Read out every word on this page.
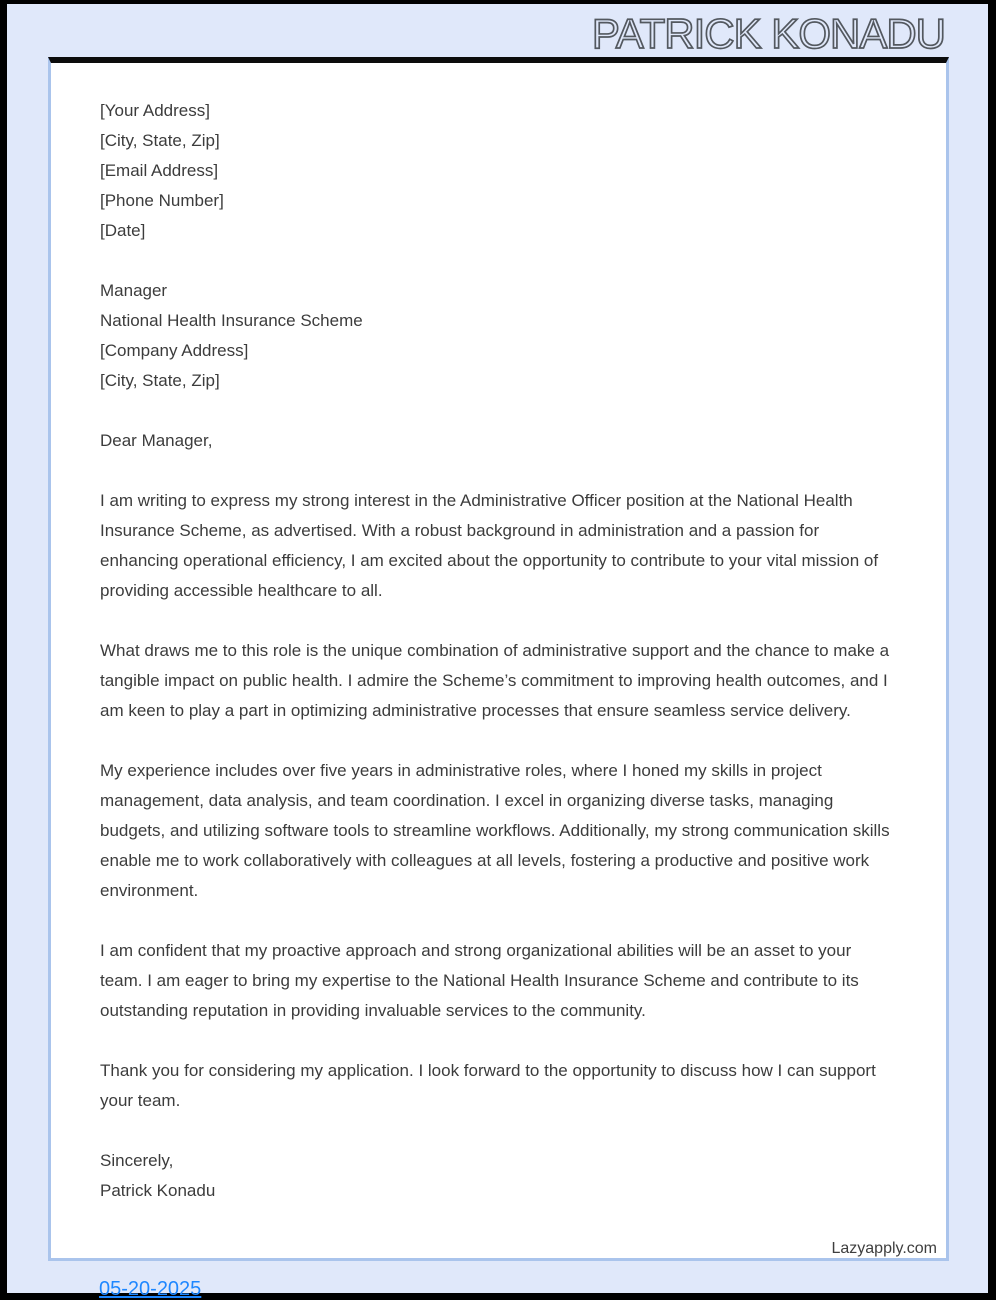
PATRICK KONADU
[Your Address]
[City, State, Zip]
[Email Address]
[Phone Number]
[Date]
Manager
National Health Insurance Scheme
[Company Address]
[City, State, Zip]
Dear Manager,

I am writing to express my strong interest in the Administrative Officer position at the National Health Insurance Scheme, as advertised. With a robust background in administration and a passion for enhancing operational efficiency, I am excited about the opportunity to contribute to your vital mission of providing accessible healthcare to all.

What draws me to this role is the unique combination of administrative support and the chance to make a tangible impact on public health. I admire the Scheme’s commitment to improving health outcomes, and I am keen to play a part in optimizing administrative processes that ensure seamless service delivery.

My experience includes over five years in administrative roles, where I honed my skills in project management, data analysis, and team coordination. I excel in organizing diverse tasks, managing budgets, and utilizing software tools to streamline workflows. Additionally, my strong communication skills enable me to work collaboratively with colleagues at all levels, fostering a productive and positive work environment.

I am confident that my proactive approach and strong organizational abilities will be an asset to your team. I am eager to bring my expertise to the National Health Insurance Scheme and contribute to its outstanding reputation in providing invaluable services to the community.

Thank you for considering my application. I look forward to the opportunity to discuss how I can support your team.

Sincerely,
Patrick Konadu
Lazyapply.com
05-20-2025
